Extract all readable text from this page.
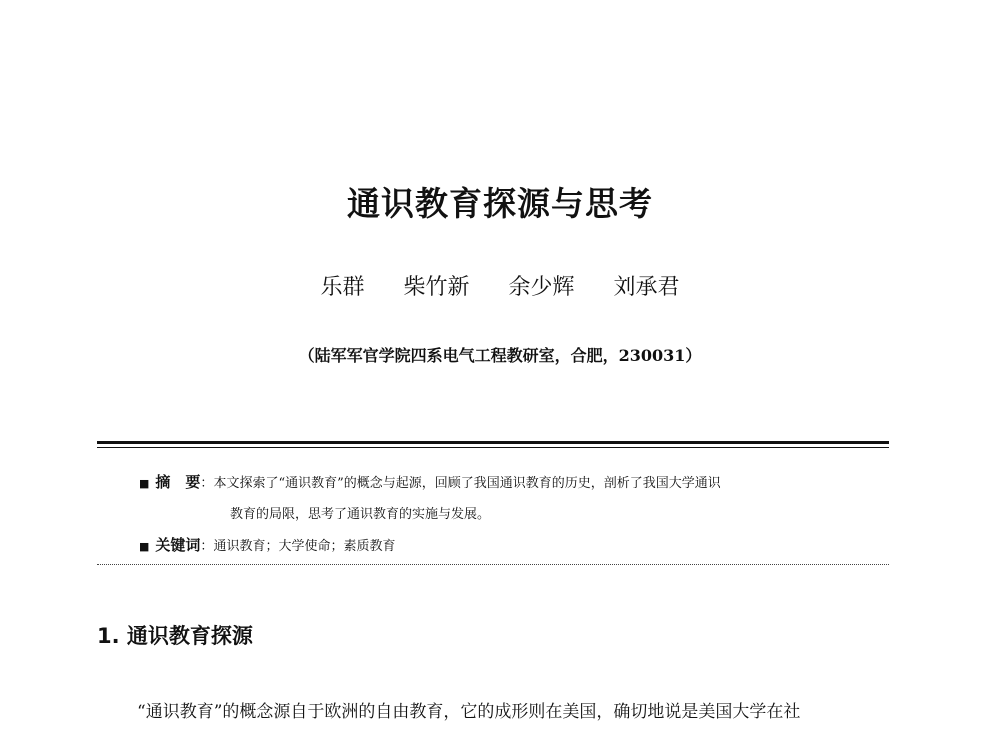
通识教育探源与思考
乐群 柴竹新 余少辉 刘承君
（陆军军官学院四系电气工程教研室，合肥，230031）
■ 摘　要：本文探索了“通识教育”的概念与起源，回顾了我国通识教育的历史，剖析了我国大学通识
教育的局限，思考了通识教育的实施与发展。
■ 关键词：通识教育；大学使命；素质教育
1. 通识教育探源
“通识教育”的概念源自于欧洲的自由教育，它的成形则在美国，确切地说是美国大学在社
